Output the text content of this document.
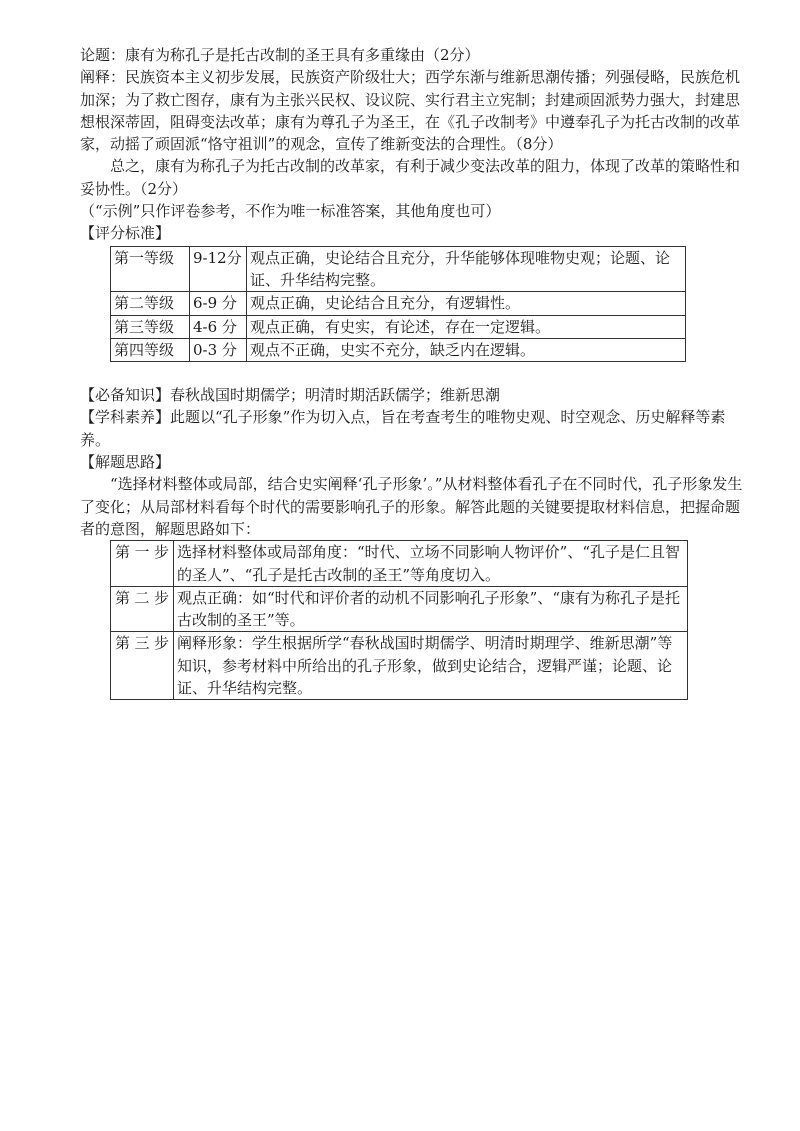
论题：康有为称孔子是托古改制的圣王具有多重缘由（2分）

阐释：民族资本主义初步发展，民族资产阶级壮大；西学东渐与维新思潮传播；列强侵略，民族危机加深；为了救亡图存，康有为主张兴民权、设议院、实行君主立宪制；封建顽固派势力强大，封建思想根深蒂固，阻碍变法改革；康有为尊孔子为圣王，在《孔子改制考》中遵奉孔子为托古改制的改革家，动摇了顽固派“恪守祖训”的观念，宣传了维新变法的合理性。（8分）

总之，康有为称孔子为托古改制的改革家，有利于减少变法改革的阻力，体现了改革的策略性和妥协性。（2分）

（“示例”只作评卷参考，不作为唯一标准答案，其他角度也可）

【评分标准】

第一等级	9-12分	观点正确，史论结合且充分，升华能够体现唯物史观；论题、论证、升华结构完整。
第二等级	6-9 分	观点正确，史论结合且充分，有逻辑性。
第三等级	4-6 分	观点正确，有史实，有论述，存在一定逻辑。
第四等级	0-3 分	观点不正确，史实不充分，缺乏内在逻辑。

【必备知识】春秋战国时期儒学；明清时期活跃儒学；维新思潮

【学科素养】此题以“孔子形象”作为切入点，旨在考查考生的唯物史观、时空观念、历史解释等素养。

【解题思路】

“选择材料整体或局部，结合史实阐释‘孔子形象’。”从材料整体看孔子在不同时代，孔子形象发生了变化；从局部材料看每个时代的需要影响孔子的形象。解答此题的关键要提取材料信息，把握命题者的意图，解题思路如下：

第一步	选择材料整体或局部角度：“时代、立场不同影响人物评价”、“孔子是仁且智的圣人”、“孔子是托古改制的圣王”等角度切入。
第二步	观点正确：如“时代和评价者的动机不同影响孔子形象”、“康有为称孔子是托古改制的圣王”等。
第三步	阐释形象：学生根据所学“春秋战国时期儒学、明清时期理学、维新思潮”等知识，参考材料中所给出的孔子形象，做到史论结合，逻辑严谨；论题、论证、升华结构完整。
